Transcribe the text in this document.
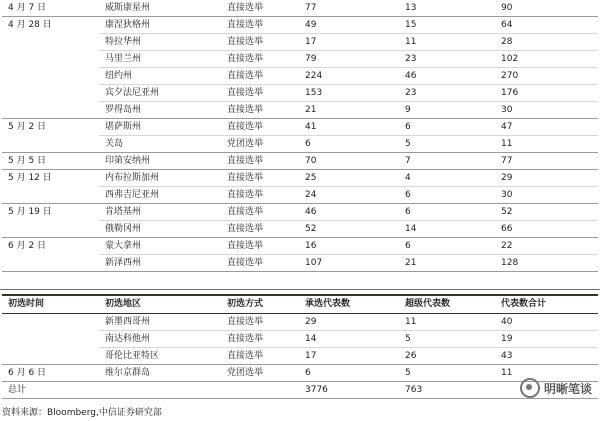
4 月 7 日	威斯康星州	直接选举	77	13	90
4 月 28 日	康涅狄格州	直接选举	49	15	64
	特拉华州	直接选举	17	11	28
	马里兰州	直接选举	79	23	102
	纽约州	直接选举	224	46	270
	宾夕法尼亚州	直接选举	153	23	176
	罗得岛州	直接选举	21	9	30
5 月 2 日	堪萨斯州	直接选举	41	6	47
	关岛	党团选举	6	5	11
5 月 5 日	印第安纳州	直接选举	70	7	77
5 月 12 日	内布拉斯加州	直接选举	25	4	29
	西弗吉尼亚州	直接选举	24	6	30
5 月 19 日	肯塔基州	直接选举	46	6	52
	俄勒冈州	直接选举	52	14	66
6 月 2 日	蒙大拿州	直接选举	16	6	22
	新泽西州	直接选举	107	21	128
初选时间	初选地区	初选方式	承选代表数	超级代表数	代表数合计
	新墨西哥州	直接选举	29	11	40
	南达科他州	直接选举	14	5	19
	哥伦比亚特区	直接选举	17	26	43
6 月 6 日	维尔京群岛	党团选举	6	5	11
总计			3776	763	
资料来源：Bloomberg,中信证券研究部
明晰笔谈
